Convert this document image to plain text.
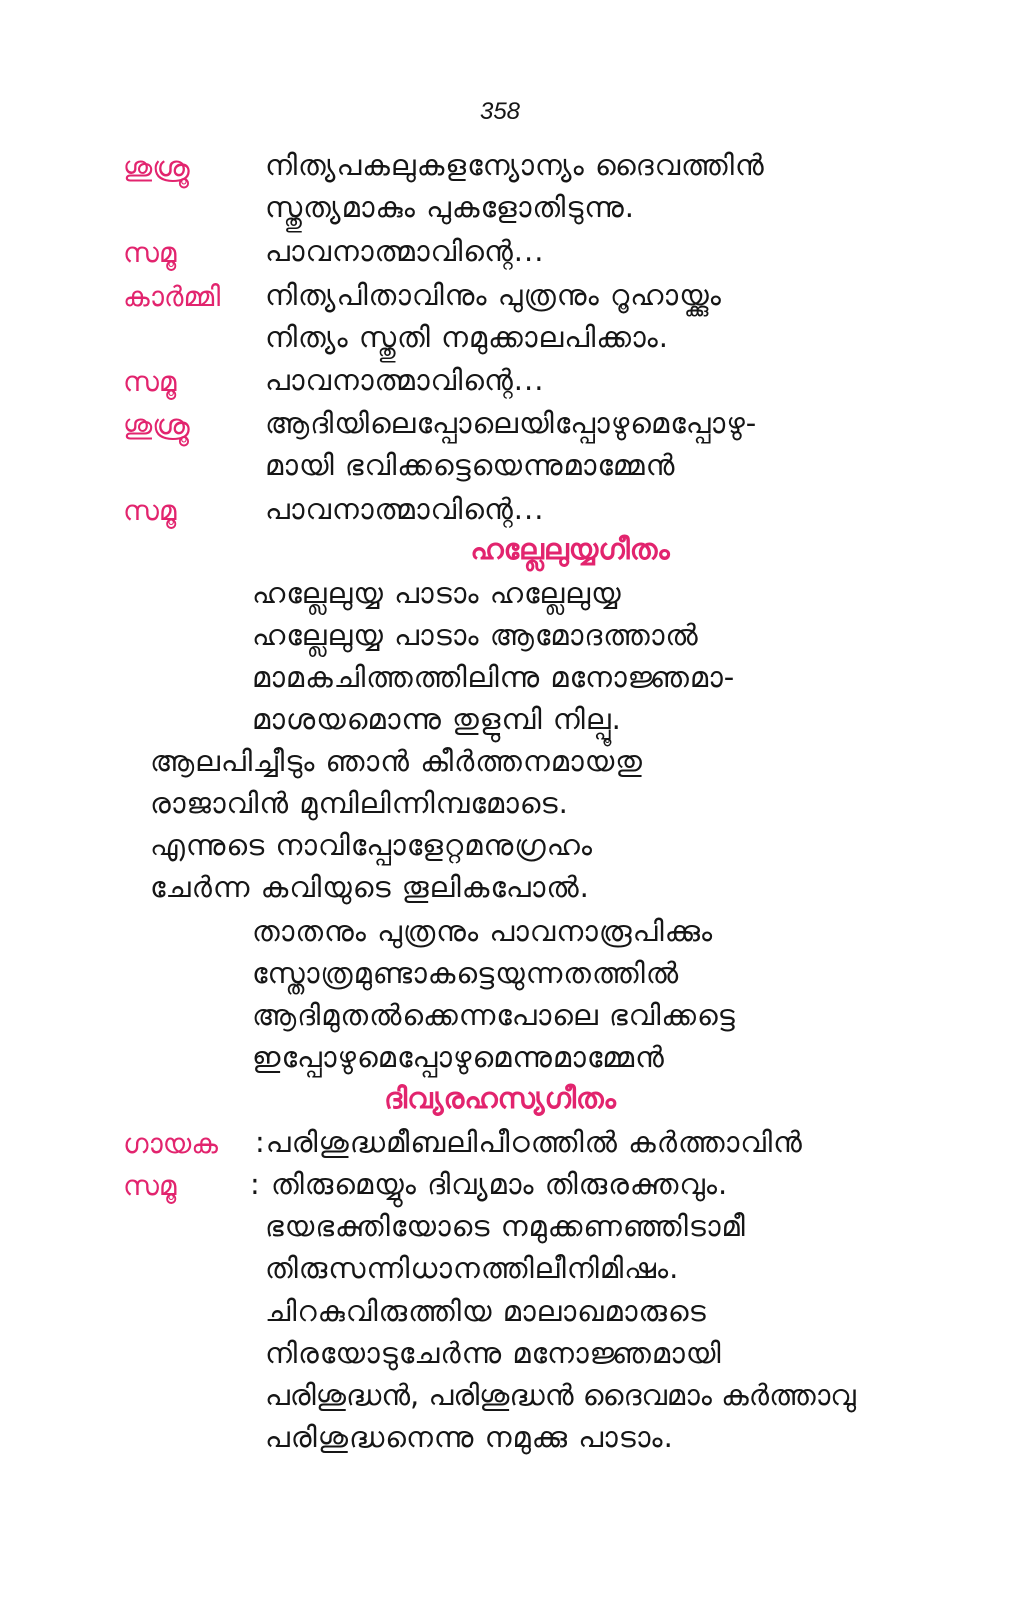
358
ശുശ്രൂ	നിത്യപകലുകളന്യോന്യം ദൈവത്തിൻ
സ്തുത്യമാകും പുകളോതിടുന്നു.
സമൂ	പാവനാത്മാവിന്റെ...
കാർമ്മി നിത്യപിതാവിനും പുത്രനും റൂഹായ്ക്കും
നിത്യം സ്തുതി നമുക്കാലപിക്കാം.
സമൂ	പാവനാത്മാവിന്റെ...
ശുശ്രൂ	ആദിയിലെപ്പോലെയിപ്പോഴുമെപ്പോഴു-
മായി ഭവിക്കട്ടെയെന്നുമാമ്മേൻ
സമൂ	പാവനാത്മാവിന്റെ...
ഹല്ലേലുയ്യഗീതം
ഹല്ലേലുയ്യ പാടാം ഹല്ലേലുയ്യ
ഹല്ലേലുയ്യ പാടാം ആമോദത്താൽ
മാമകചിത്തത്തിലിന്നു മനോജ്ഞമാ-
മാശയമൊന്നു തുളുമ്പി നില്പൂ.
ആലപിച്ചീടും ഞാൻ കീർത്തനമായതു
രാജാവിൻ മുമ്പിലിന്നിമ്പമോടെ.
എന്നുടെ നാവിപ്പോളേറ്റമനുഗ്രഹം
ചേർന്ന കവിയുടെ തൂലികപോൽ.
താതനും പുത്രനും പാവനാരൂപിക്കും
സ്തോത്രമുണ്ടാകട്ടെയുന്നതത്തിൽ
ആദിമുതൽക്കെന്നപോലെ ഭവിക്കട്ടെ
ഇപ്പോഴുമെപ്പോഴുമെന്നുമാമ്മേൻ
ദിവ്യരഹസ്യഗീതം
ഗായക :പരിശുദ്ധമീബലിപീഠത്തിൽ കർത്താവിൻ
സമൂ	: തിരുമെയ്യും ദിവ്യമാം തിരുരക്തവും.
ഭയഭക്തിയോടെ നമുക്കണഞ്ഞിടാമീ
തിരുസന്നിധാനത്തിലീനിമിഷം.
ചിറകുവിരുത്തിയ മാലാഖമാരുടെ
നിരയോടുചേർന്നു മനോജ്ഞമായി
പരിശുദ്ധൻ, പരിശുദ്ധൻ ദൈവമാം കർത്താവു
പരിശുദ്ധനെന്നു നമുക്കു പാടാം.
